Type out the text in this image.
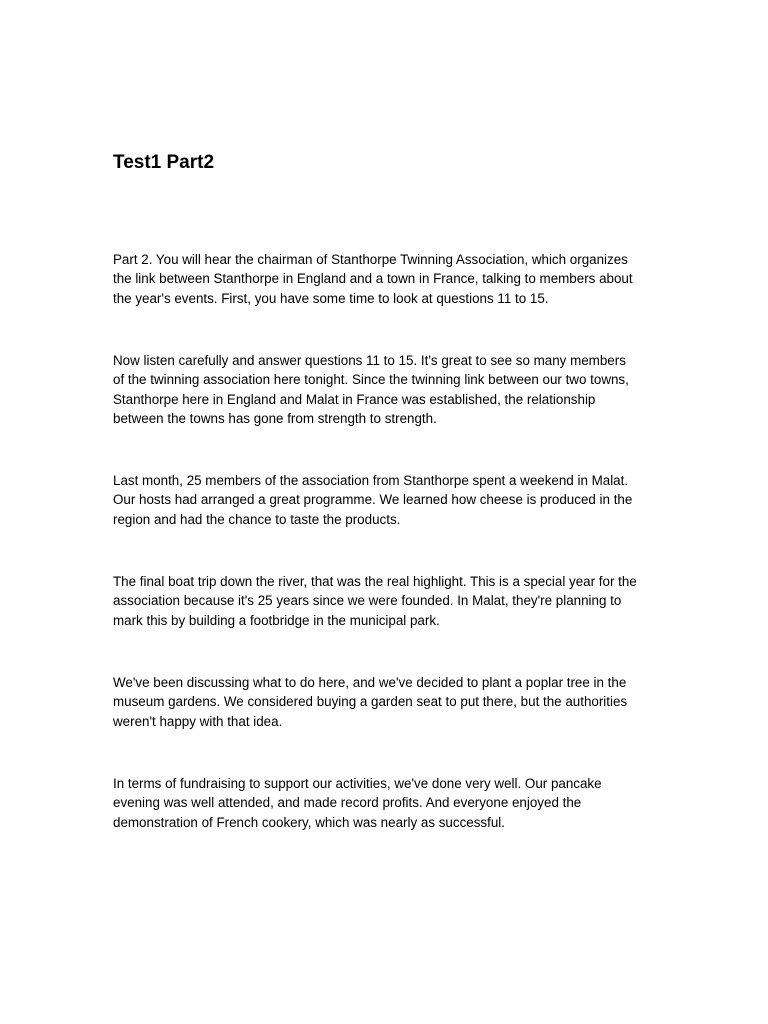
Test1 Part2

Part 2. You will hear the chairman of Stanthorpe Twinning Association, which organizes
the link between Stanthorpe in England and a town in France, talking to members about
the year's events. First, you have some time to look at questions 11 to 15.

Now listen carefully and answer questions 11 to 15. It's great to see so many members
of the twinning association here tonight. Since the twinning link between our two towns,
Stanthorpe here in England and Malat in France was established, the relationship
between the towns has gone from strength to strength.

Last month, 25 members of the association from Stanthorpe spent a weekend in Malat.
Our hosts had arranged a great programme. We learned how cheese is produced in the
region and had the chance to taste the products.

The final boat trip down the river, that was the real highlight. This is a special year for the
association because it's 25 years since we were founded. In Malat, they're planning to
mark this by building a footbridge in the municipal park.

We've been discussing what to do here, and we've decided to plant a poplar tree in the
museum gardens. We considered buying a garden seat to put there, but the authorities
weren't happy with that idea.

In terms of fundraising to support our activities, we've done very well. Our pancake
evening was well attended, and made record profits. And everyone enjoyed the
demonstration of French cookery, which was nearly as successful.
